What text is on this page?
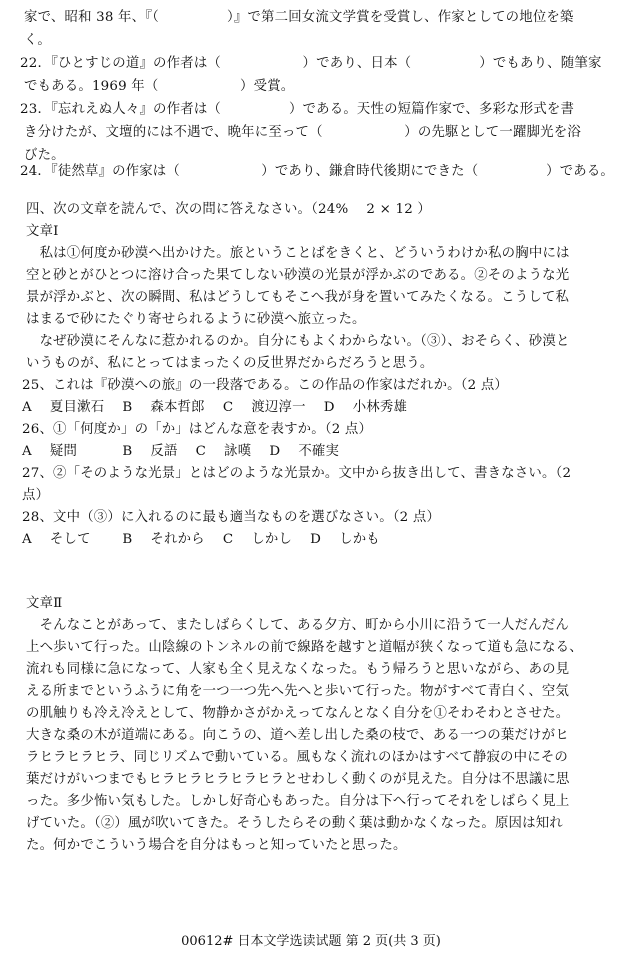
家で、昭和 38 年、『（　　　　　）』で第二回女流文学賞を受賞し、作家としての地位を築
く。
22．『ひとすじの道』の作者は（　　　　　　）であり、日本（　　　　　）でもあり、随筆家
でもある。1969 年（　　　　　　）受賞。
23．『忘れえぬ人々』の作者は（　　　　　）である。天性の短篇作家で、多彩な形式を書
き分けたが、文壇的には不遇で、晩年に至って（　　　　　　）の先駆として一躍脚光を浴
びた。
24．『徒然草』の作家は（　　　　　　）であり、鎌倉時代後期にできた（　　　　　）である。
四、次の文章を読んで、次の問に答えなさい。（24%　 2 × 12 ）
文章Ⅰ
　私は①何度か砂漠へ出かけた。旅ということばをきくと、どういうわけか私の胸中には
空と砂とがひとつに溶け合った果てしない砂漠の光景が浮かぶのである。②そのような光
景が浮かぶと、次の瞬間、私はどうしてもそこへ我が身を置いてみたくなる。こうして私
はまるで砂にたぐり寄せられるように砂漠へ旅立った。
　なぜ砂漠にそんなに惹かれるのか。自分にもよくわからない。（③）、おそらく、砂漠と
いうものが、私にとってはまったくの反世界だからだろうと思う。
25、これは『砂漠への旅』の一段落である。この作品の作家はだれか。（2 点）
A　 夏目漱石　 B　 森本哲郎　 C　 渡辺淳一　 D　 小林秀雄
26、①「何度か」の「か」はどんな意を表すか。（2 点）
A　 疑問　　　 B　 反語　 C　 詠嘆　 D　 不確実
27、②「そのような光景」とはどのような光景か。文中から抜き出して、書きなさい。（2
点）
28、文中（③）に入れるのに最も適当なものを選びなさい。（2 点）
A　 そして　　 B　 それから　 C　 しかし　 D　 しかも
文章Ⅱ
　そんなことがあって、またしばらくして、ある夕方、町から小川に沿うて一人だんだん
上へ歩いて行った。山陰線のトンネルの前で線路を越すと道幅が狭くなって道も急になる、
流れも同様に急になって、人家も全く見えなくなった。もう帰ろうと思いながら、あの見
える所までというふうに角を一つ一つ先へ先へと歩いて行った。物がすべて青白く、空気
の肌触りも冷え冷えとして、物静かさがかえってなんとなく自分を①そわそわとさせた。
大きな桑の木が道端にある。向こうの、道へ差し出した桑の枝で、ある一つの葉だけがヒ
ラヒラヒラヒラ、同じリズムで動いている。風もなく流れのほかはすべて静寂の中にその
葉だけがいつまでもヒラヒラヒラヒラヒラとせわしく動くのが見えた。自分は不思議に思
った。多少怖い気もした。しかし好奇心もあった。自分は下へ行ってそれをしばらく見上
げていた。（②）風が吹いてきた。そうしたらその動く葉は動かなくなった。原因は知れ
た。何かでこういう場合を自分はもっと知っていたと思った。
00612# 日本文学选读试题 第 2 页(共 3 页)
